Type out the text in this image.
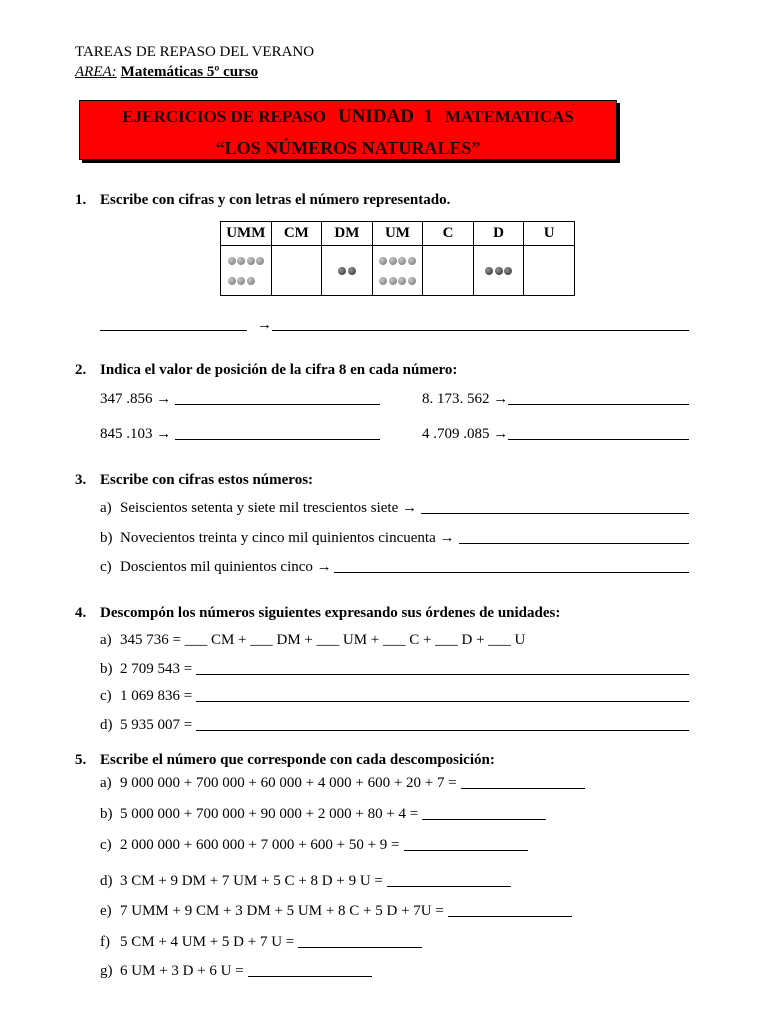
TAREAS DE REPASO DEL VERANO
AREA: Matemáticas 5º curso
EJERCICIOS DE REPASO UNIDAD  1 MATEMATICAS
“LOS NÚMEROS NATURALES”
1. Escribe con cifras y con letras el número representado.
UMM	CM	DM	UM	C	D	U

→
2. Indica el valor de posición de la cifra 8 en cada número:
347 .856 →	8. 173. 562 →
845 .103 →	4 .709 .085 →
3. Escribe con cifras estos números:
a) Seiscientos setenta y siete mil trescientos siete →
b) Novecientos treinta y cinco mil quinientos cincuenta →
c) Doscientos mil quinientos cinco →
4. Descompón los números siguientes expresando sus órdenes de unidades:
a) 345 736 = ___ CM + ___ DM + ___ UM + ___ C + ___ D + ___ U
b) 2 709 543 =
c) 1 069 836 =
d) 5 935 007 =
5. Escribe el número que corresponde con cada descomposición:
a) 9 000 000 + 700 000 + 60 000 + 4 000 + 600 + 20 + 7 =
b) 5 000 000 + 700 000 + 90 000 + 2 000 + 80 + 4 =
c) 2 000 000 + 600 000 + 7 000 + 600 + 50 + 9 =
d) 3 CM + 9 DM + 7 UM + 5 C + 8 D + 9 U =
e) 7 UMM + 9 CM + 3 DM + 5 UM + 8 C + 5 D + 7U =
f) 5 CM + 4 UM + 5 D + 7 U =
g) 6 UM + 3 D + 6 U =
